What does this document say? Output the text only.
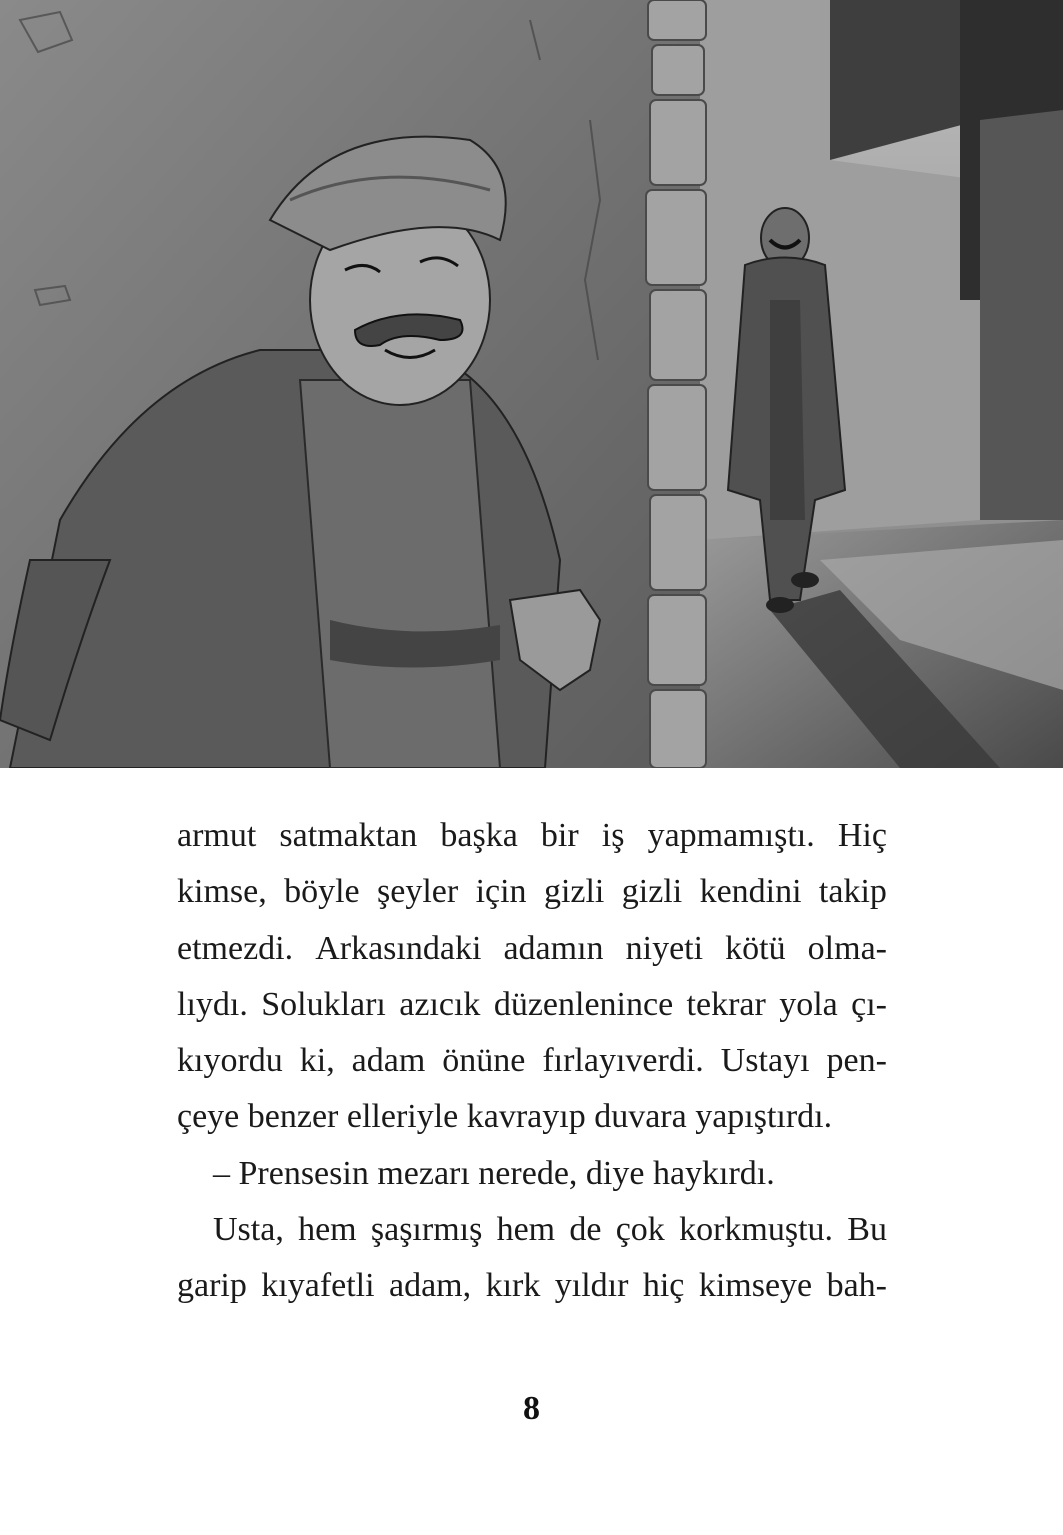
armut satmaktan başka bir iş yapmamıştı. Hiç
kimse, böyle şeyler için gizli gizli kendini takip
etmezdi. Arkasındaki adamın niyeti kötü olma-
lıydı. Solukları azıcık düzenlenince tekrar yola çı-
kıyordu ki, adam önüne fırlayıverdi. Ustayı pen-
çeye benzer elleriyle kavrayıp duvara yapıştırdı.
– Prensesin mezarı nerede, diye haykırdı.
Usta, hem şaşırmış hem de çok korkmuştu. Bu
garip kıyafetli adam, kırk yıldır hiç kimseye bah-
8
